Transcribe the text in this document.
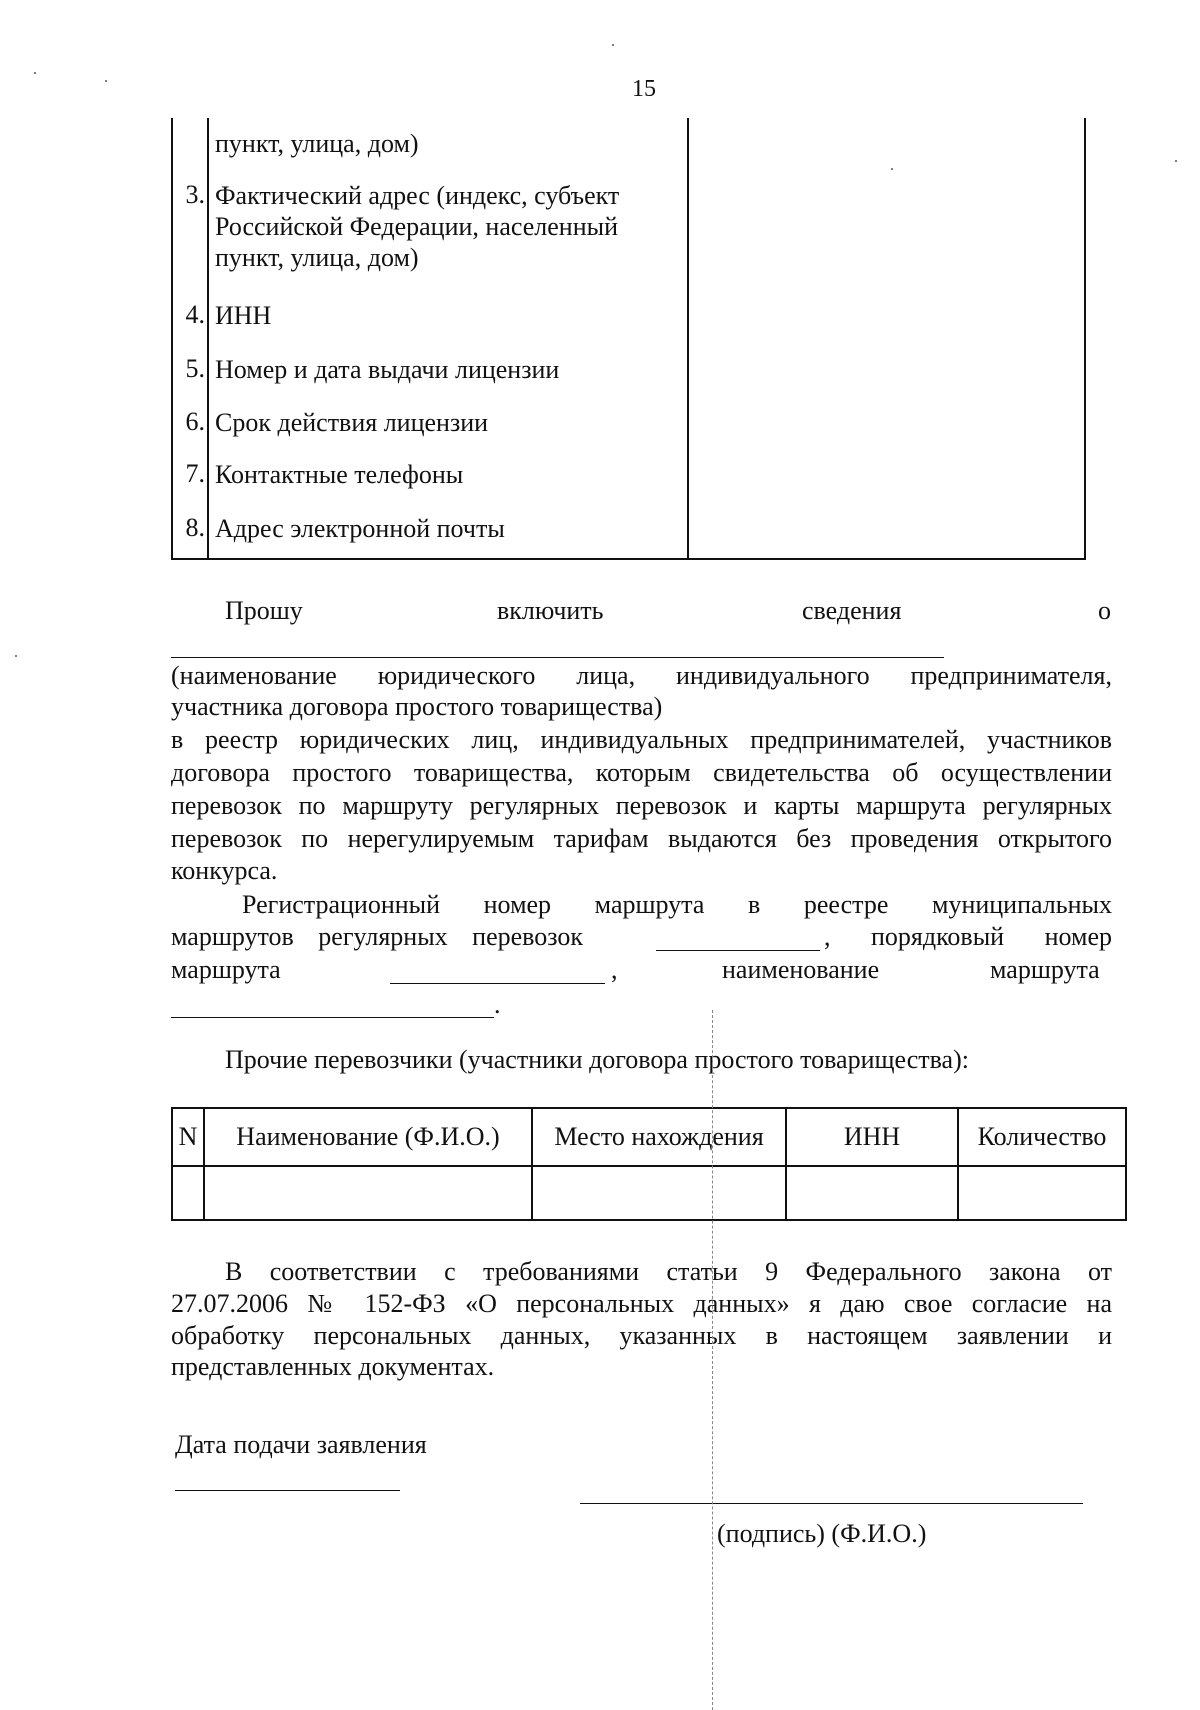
15
пункт, улица, дом)
3. Фактический адрес (индекс, субъект
Российской Федерации, населенный
пункт, улица, дом)
4. ИНН
5. Номер и дата выдачи лицензии
6. Срок действия лицензии
7. Контактные телефоны
8. Адрес электронной почты
Прошу	включить	сведения	о
(наименование юридического лица, индивидуального предпринимателя,
участника договора простого товарищества)
в реестр юридических лиц, индивидуальных предпринимателей, участников
договора простого товарищества, которым свидетельства об осуществлении
перевозок по маршруту регулярных перевозок и карты маршрута регулярных
перевозок по нерегулируемым тарифам выдаются без проведения открытого
конкурса.
Регистрационный номер маршрута в реестре муниципальных
маршрутов регулярных перевозок	, порядковый номер
маршрута	,	наименование	маршрута
.
Прочие перевозчики (участники договора простого товарищества):
N	Наименование (Ф.И.О.)	Место нахождения	ИНН	Количество

В соответствии с требованиями статьи 9 Федерального закона от
27.07.2006 № 152-ФЗ «О персональных данных» я даю свое согласие на
обработку персональных данных, указанных в настоящем заявлении и
представленных документах.
Дата подачи заявления
(подпись) (Ф.И.О.)
